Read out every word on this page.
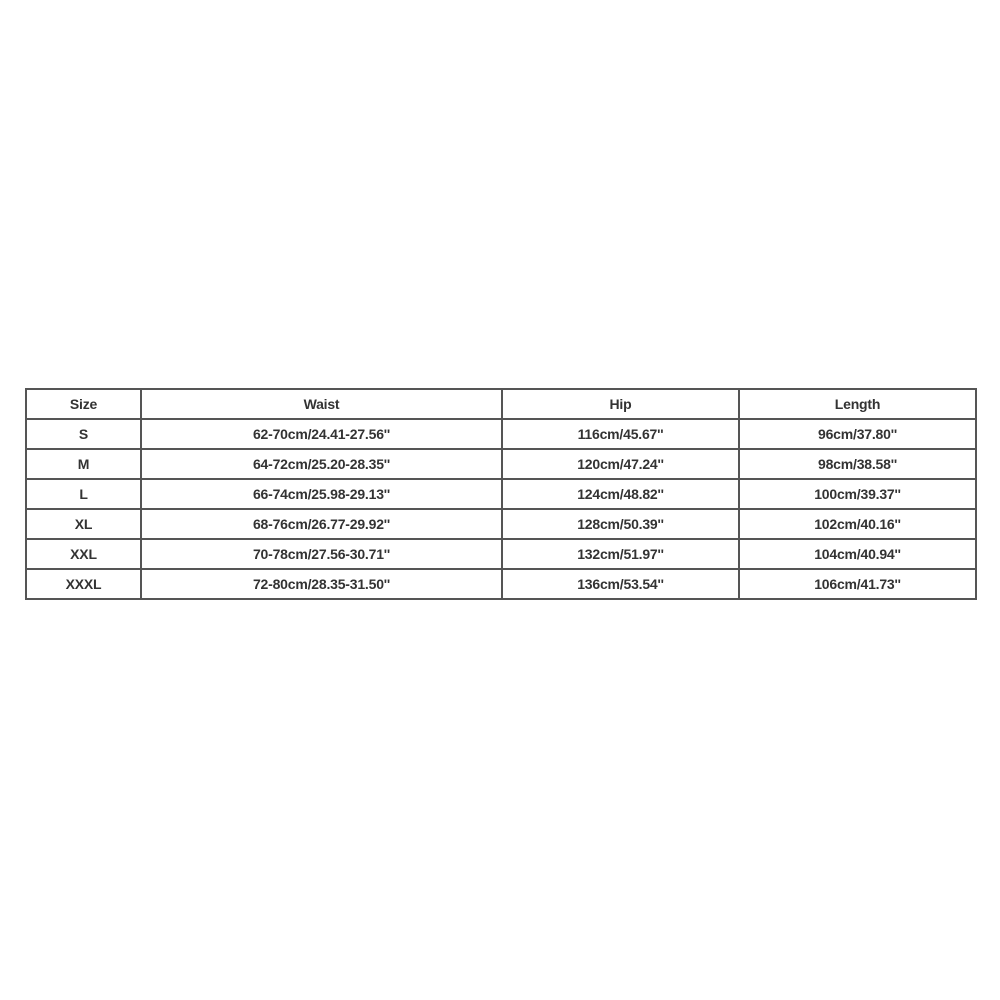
Size	Waist	Hip	Length
S	62-70cm/24.41-27.56''	116cm/45.67''	96cm/37.80''
M	64-72cm/25.20-28.35''	120cm/47.24''	98cm/38.58''
L	66-74cm/25.98-29.13''	124cm/48.82''	100cm/39.37''
XL	68-76cm/26.77-29.92''	128cm/50.39''	102cm/40.16''
XXL	70-78cm/27.56-30.71''	132cm/51.97''	104cm/40.94''
XXXL	72-80cm/28.35-31.50''	136cm/53.54''	106cm/41.73''
